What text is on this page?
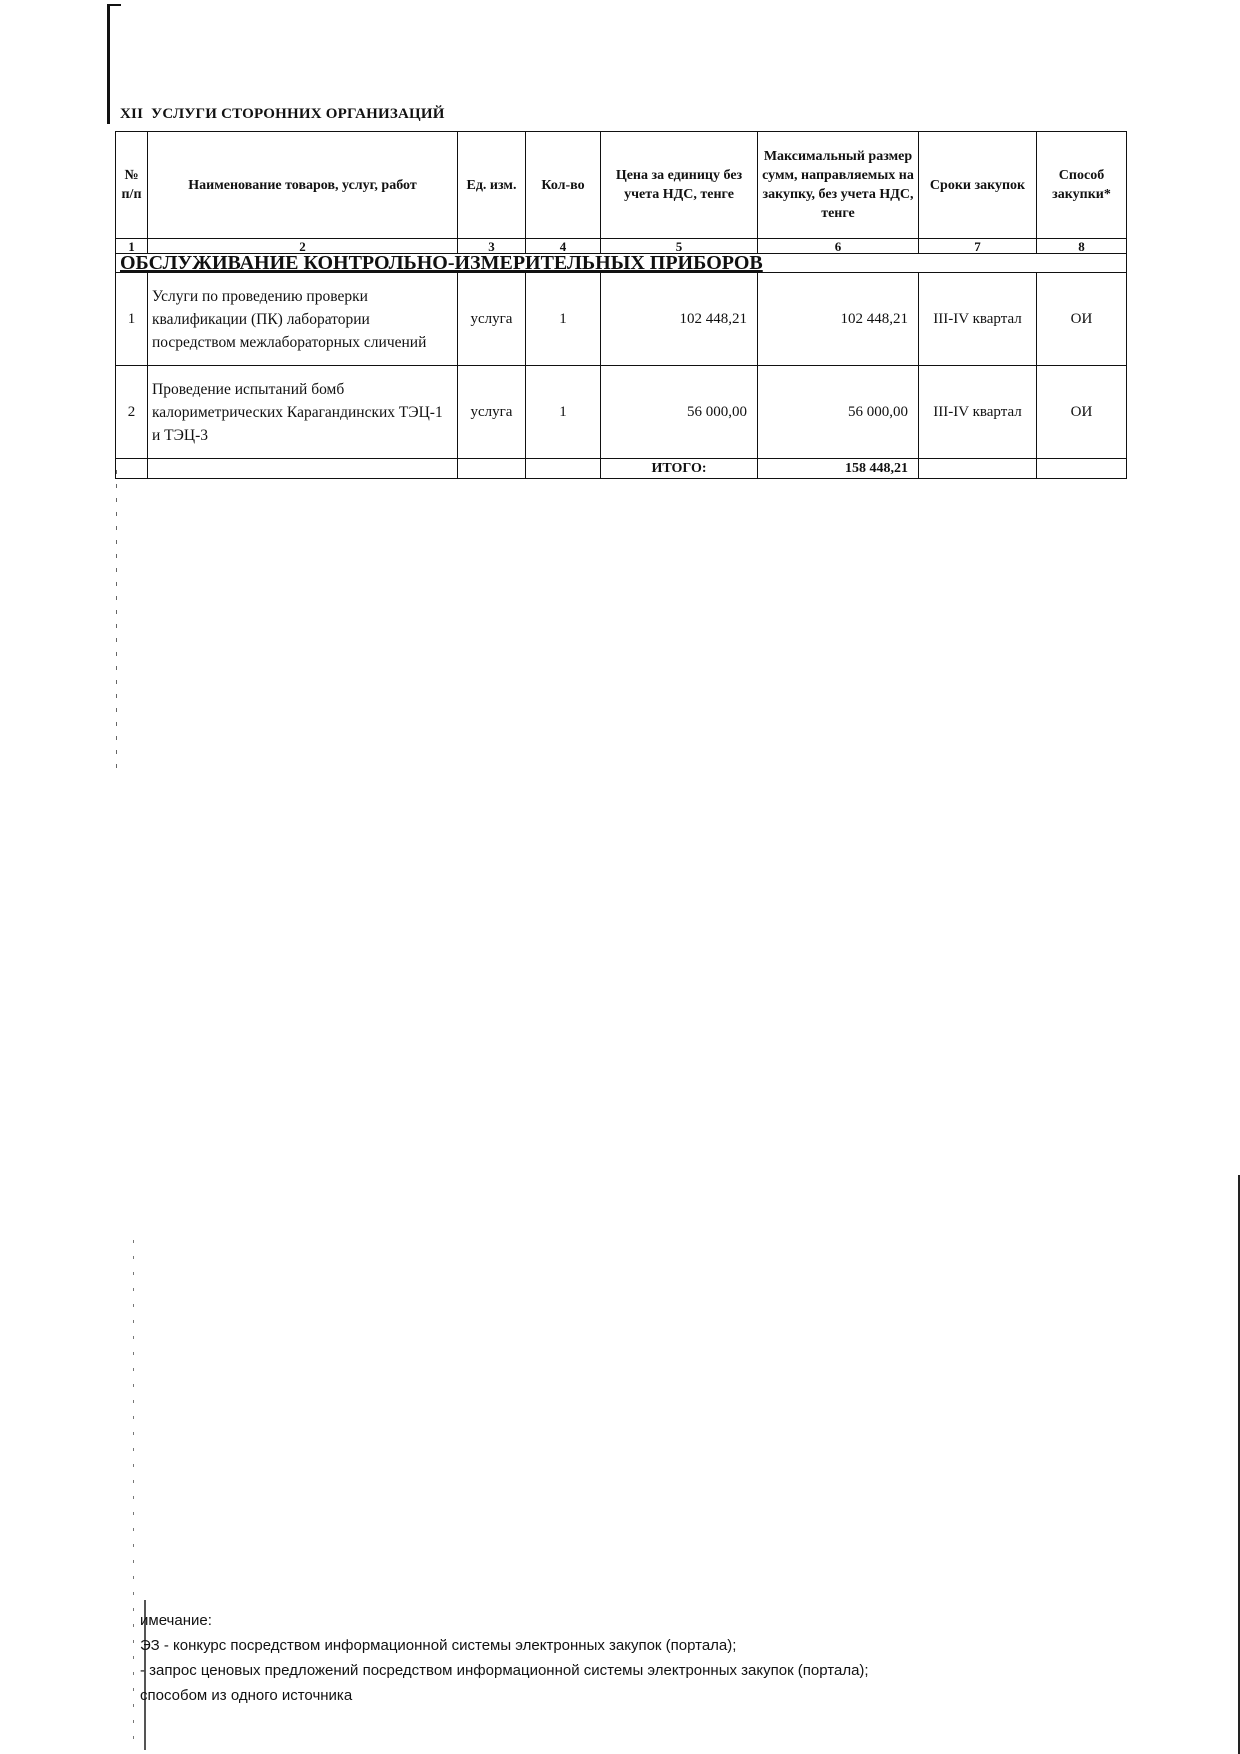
XII УСЛУГИ СТОРОННИХ ОРГАНИЗАЦИЙ
№ п/п	Наименование товаров, услуг, работ	Ед. изм.	Кол-во	Цена за единицу без учета НДС, тенге	Максимальный размер сумм, направляемых на закупку, без учета НДС, тенге	Сроки закупок	Способ закупки*
1	2	3	4	5	6	7	8
ОБСЛУЖИВАНИЕ КОНТРОЛЬНО-ИЗМЕРИТЕЛЬНЫХ ПРИБОРОВ							
1	Услуги по проведению проверки квалификации (ПК) лаборатории посредством межлабораторных сличений	услуга	1	102 448,21	102 448,21	III-IV квартал	ОИ
2	Проведение испытаний бомб калориметрических Карагандинских ТЭЦ-1 и ТЭЦ-3	услуга	1	56 000,00	56 000,00	III-IV квартал	ОИ
				ИТОГО:	158 448,21		
имечание:
ЭЗ - конкурс посредством информационной системы электронных закупок (портала);
- запрос ценовых предложений посредством информационной системы электронных закупок (портала);
способом из одного источника
